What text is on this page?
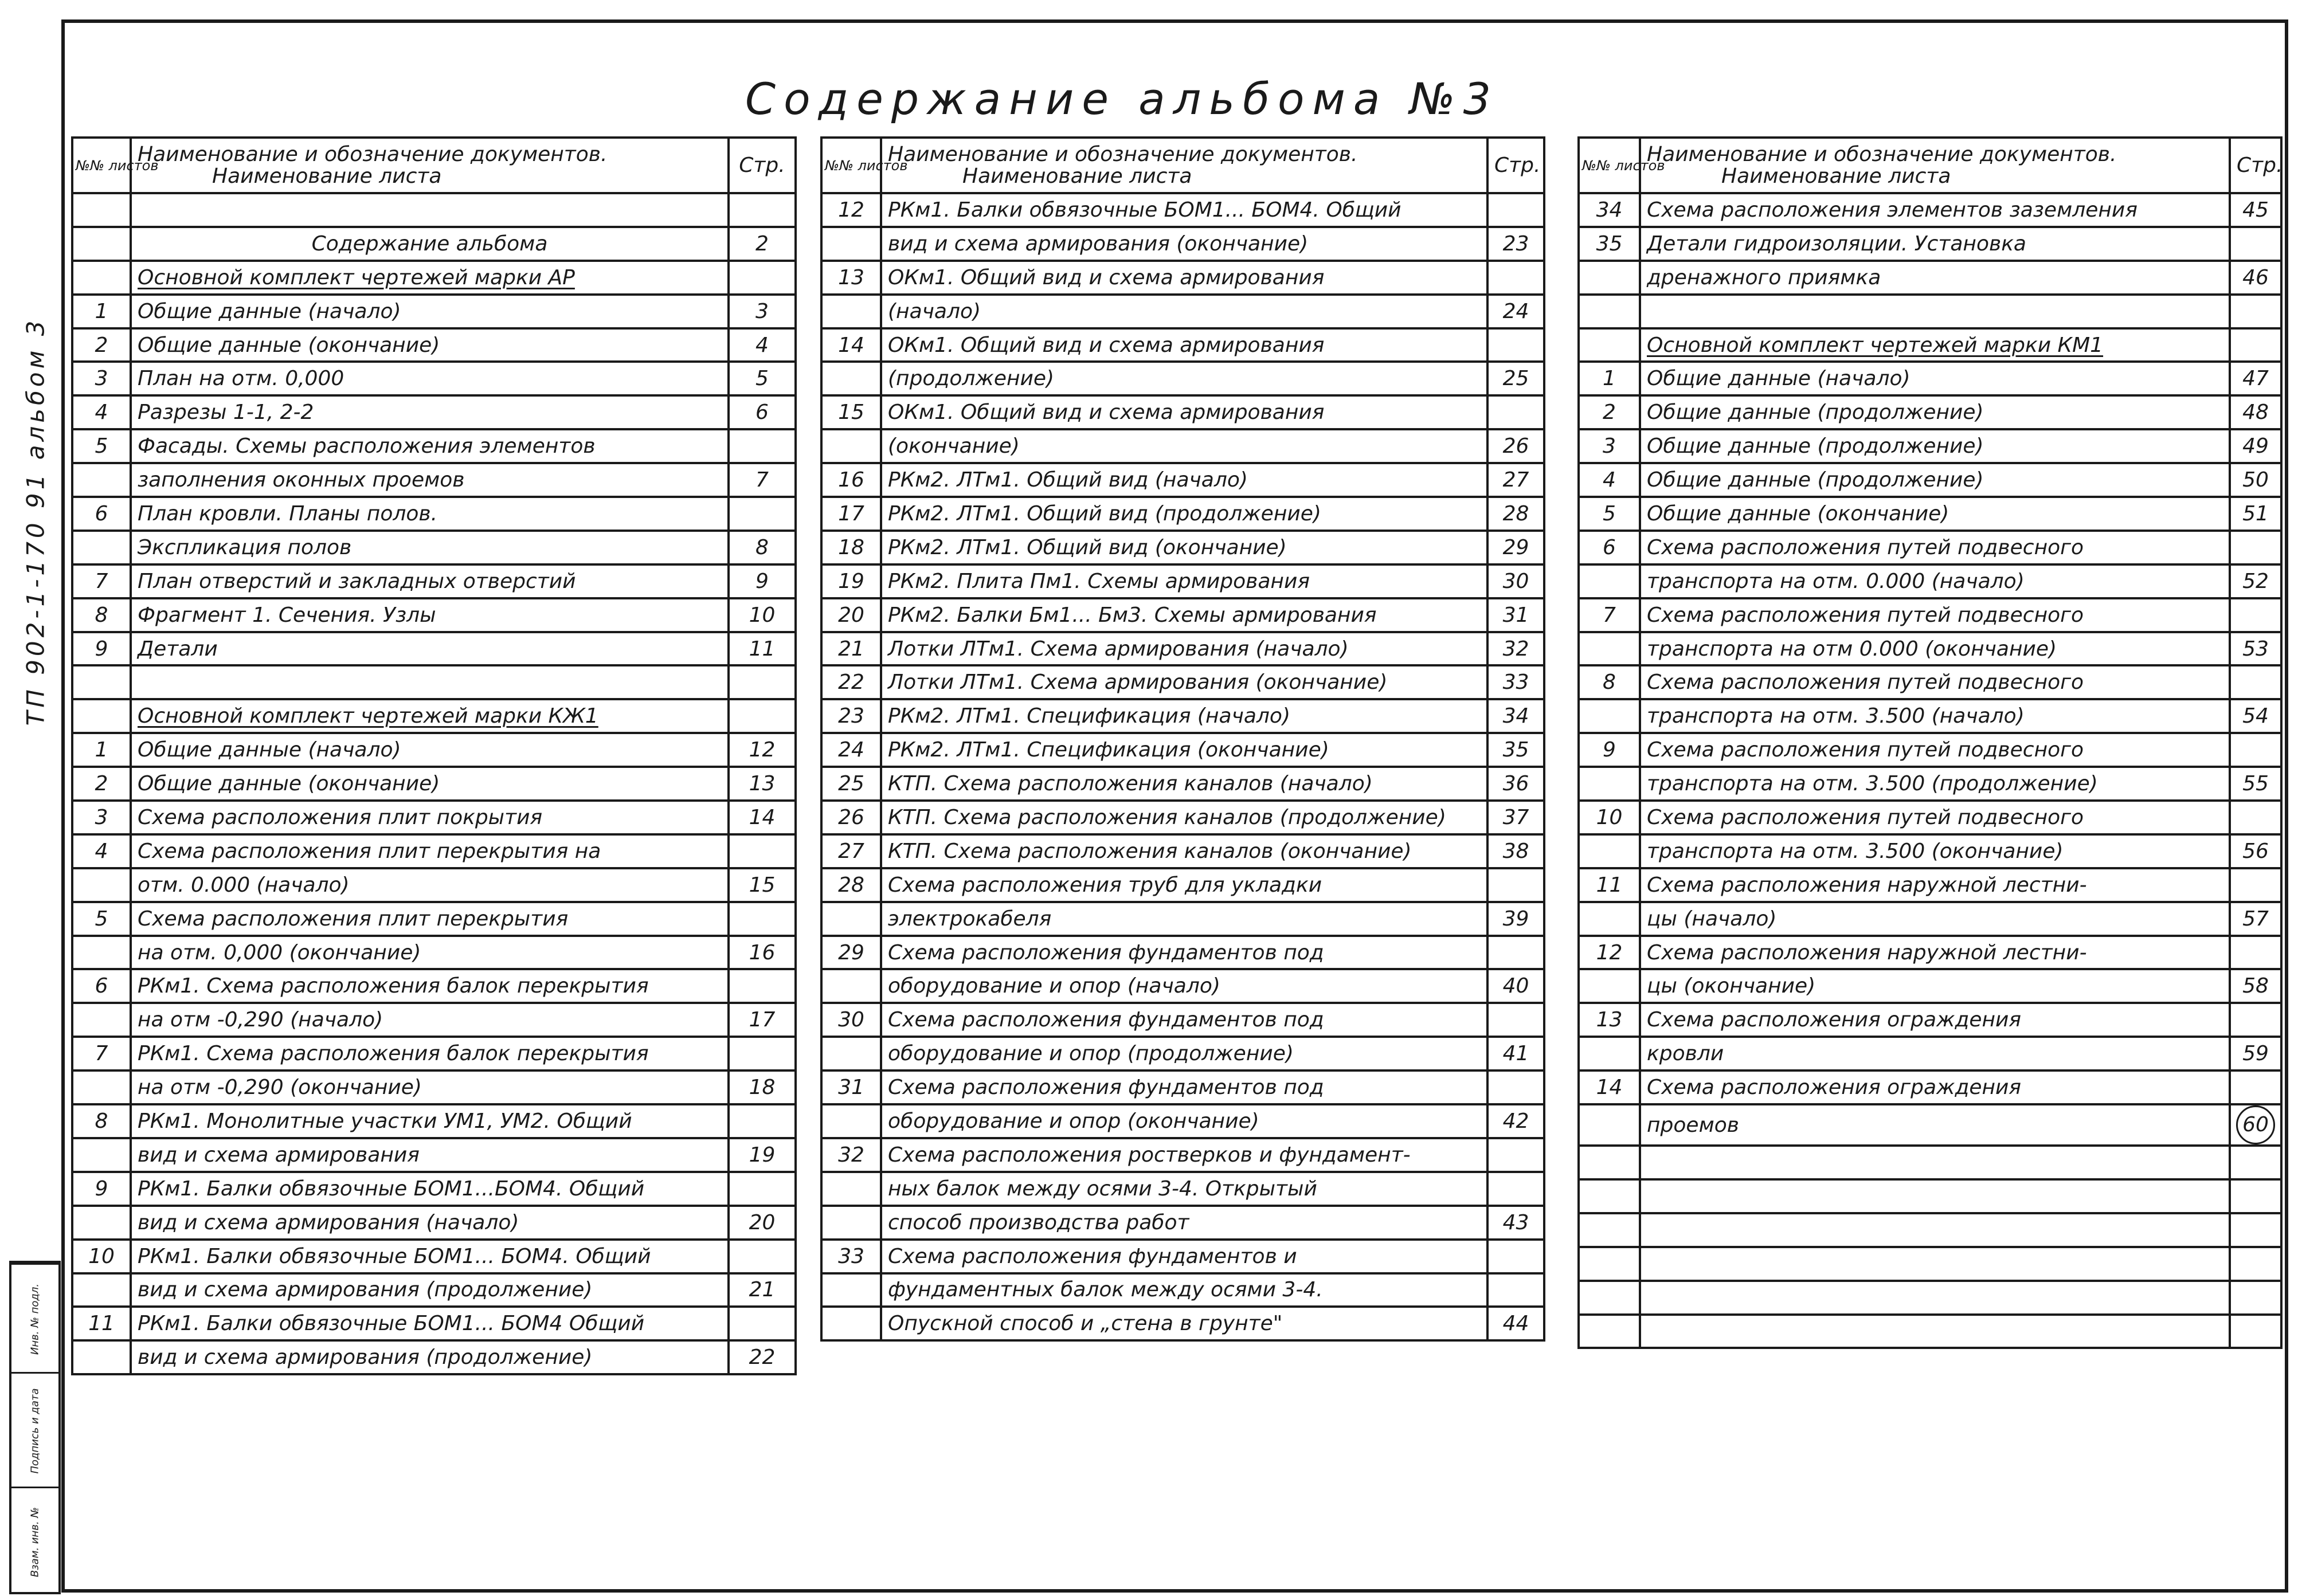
ТП 902-1-170 91 альбом 3
Инв. № подл.
Подпись и дата
Взам. инв. №
Содержание альбома №3
№№ листов	Наименование и обозначение документов.
Наименование листа	Стр.

	Содержание альбома	2
	Основной комплект чертежей марки АР	
1	Общие данные (начало)	3
2	Общие данные (окончание)	4
3	План на отм. 0,000	5
4	Разрезы 1-1, 2-2	6
5	Фасады. Схемы расположения элементов	
	заполнения оконных проемов	7
6	План кровли. Планы полов.	
	Экспликация полов	8
7	План отверстий и закладных отверстий	9
8	Фрагмент 1. Сечения. Узлы	10
9	Детали	11

	Основной комплект чертежей марки КЖ1	
1	Общие данные (начало)	12
2	Общие данные (окончание)	13
3	Схема расположения плит покрытия	14
4	Схема расположения плит перекрытия на	
	отм. 0.000 (начало)	15
5	Схема расположения плит перекрытия	
	на отм. 0,000 (окончание)	16
6	РКм1. Схема расположения балок перекрытия	
	на отм -0,290 (начало)	17
7	РКм1. Схема расположения балок перекрытия	
	на отм -0,290 (окончание)	18
8	РКм1. Монолитные участки УМ1, УМ2. Общий	
	вид и схема армирования	19
9	РКм1. Балки обвязочные БОМ1...БОМ4. Общий	
	вид и схема армирования (начало)	20
10	РКм1. Балки обвязочные БОМ1... БОМ4. Общий	
	вид и схема армирования (продолжение)	21
11	РКм1. Балки обвязочные БОМ1... БОМ4 Общий	
	вид и схема армирования (продолжение)	22
№№ листов	Наименование и обозначение документов.
Наименование листа	Стр.
12	РКм1. Балки обвязочные БОМ1... БОМ4. Общий	
	вид и схема армирования (окончание)	23
13	ОКм1. Общий вид и схема армирования	
	(начало)	24
14	ОКм1. Общий вид и схема армирования	
	(продолжение)	25
15	ОКм1. Общий вид и схема армирования	
	(окончание)	26
16	РКм2. ЛТм1. Общий вид (начало)	27
17	РКм2. ЛТм1. Общий вид (продолжение)	28
18	РКм2. ЛТм1. Общий вид (окончание)	29
19	РКм2. Плита Пм1. Схемы армирования	30
20	РКм2. Балки Бм1... Бм3. Схемы армирования	31
21	Лотки ЛТм1. Схема армирования (начало)	32
22	Лотки ЛТм1. Схема армирования (окончание)	33
23	РКм2. ЛТм1. Спецификация (начало)	34
24	РКм2. ЛТм1. Спецификация (окончание)	35
25	КТП. Схема расположения каналов (начало)	36
26	КТП. Схема расположения каналов (продолжение)	37
27	КТП. Схема расположения каналов (окончание)	38
28	Схема расположения труб для укладки	
	электрокабеля	39
29	Схема расположения фундаментов под	
	оборудование и опор (начало)	40
30	Схема расположения фундаментов под	
	оборудование и опор (продолжение)	41
31	Схема расположения фундаментов под	
	оборудование и опор (окончание)	42
32	Схема расположения ростверков и фундамент-	
	ных балок между осями 3-4. Открытый	
	способ производства работ	43
33	Схема расположения фундаментов и	
	фундаментных балок между осями 3-4.	
	Опускной способ и „стена в грунте"	44
№№ листов	Наименование и обозначение документов.
Наименование листа	Стр.
34	Схема расположения элементов заземления	45
35	Детали гидроизоляции. Установка	
	дренажного приямка	46

	Основной комплект чертежей марки КМ1	
1	Общие данные (начало)	47
2	Общие данные (продолжение)	48
3	Общие данные (продолжение)	49
4	Общие данные (продолжение)	50
5	Общие данные (окончание)	51
6	Схема расположения путей подвесного	
	транспорта на отм. 0.000 (начало)	52
7	Схема расположения путей подвесного	
	транспорта на отм 0.000 (окончание)	53
8	Схема расположения путей подвесного	
	транспорта на отм. 3.500 (начало)	54
9	Схема расположения путей подвесного	
	транспорта на отм. 3.500 (продолжение)	55
10	Схема расположения путей подвесного	
	транспорта на отм. 3.500 (окончание)	56
11	Схема расположения наружной лестни-	
	цы (начало)	57
12	Схема расположения наружной лестни-	
	цы (окончание)	58
13	Схема расположения ограждения	
	кровли	59
14	Схема расположения ограждения	
	проемов	60
